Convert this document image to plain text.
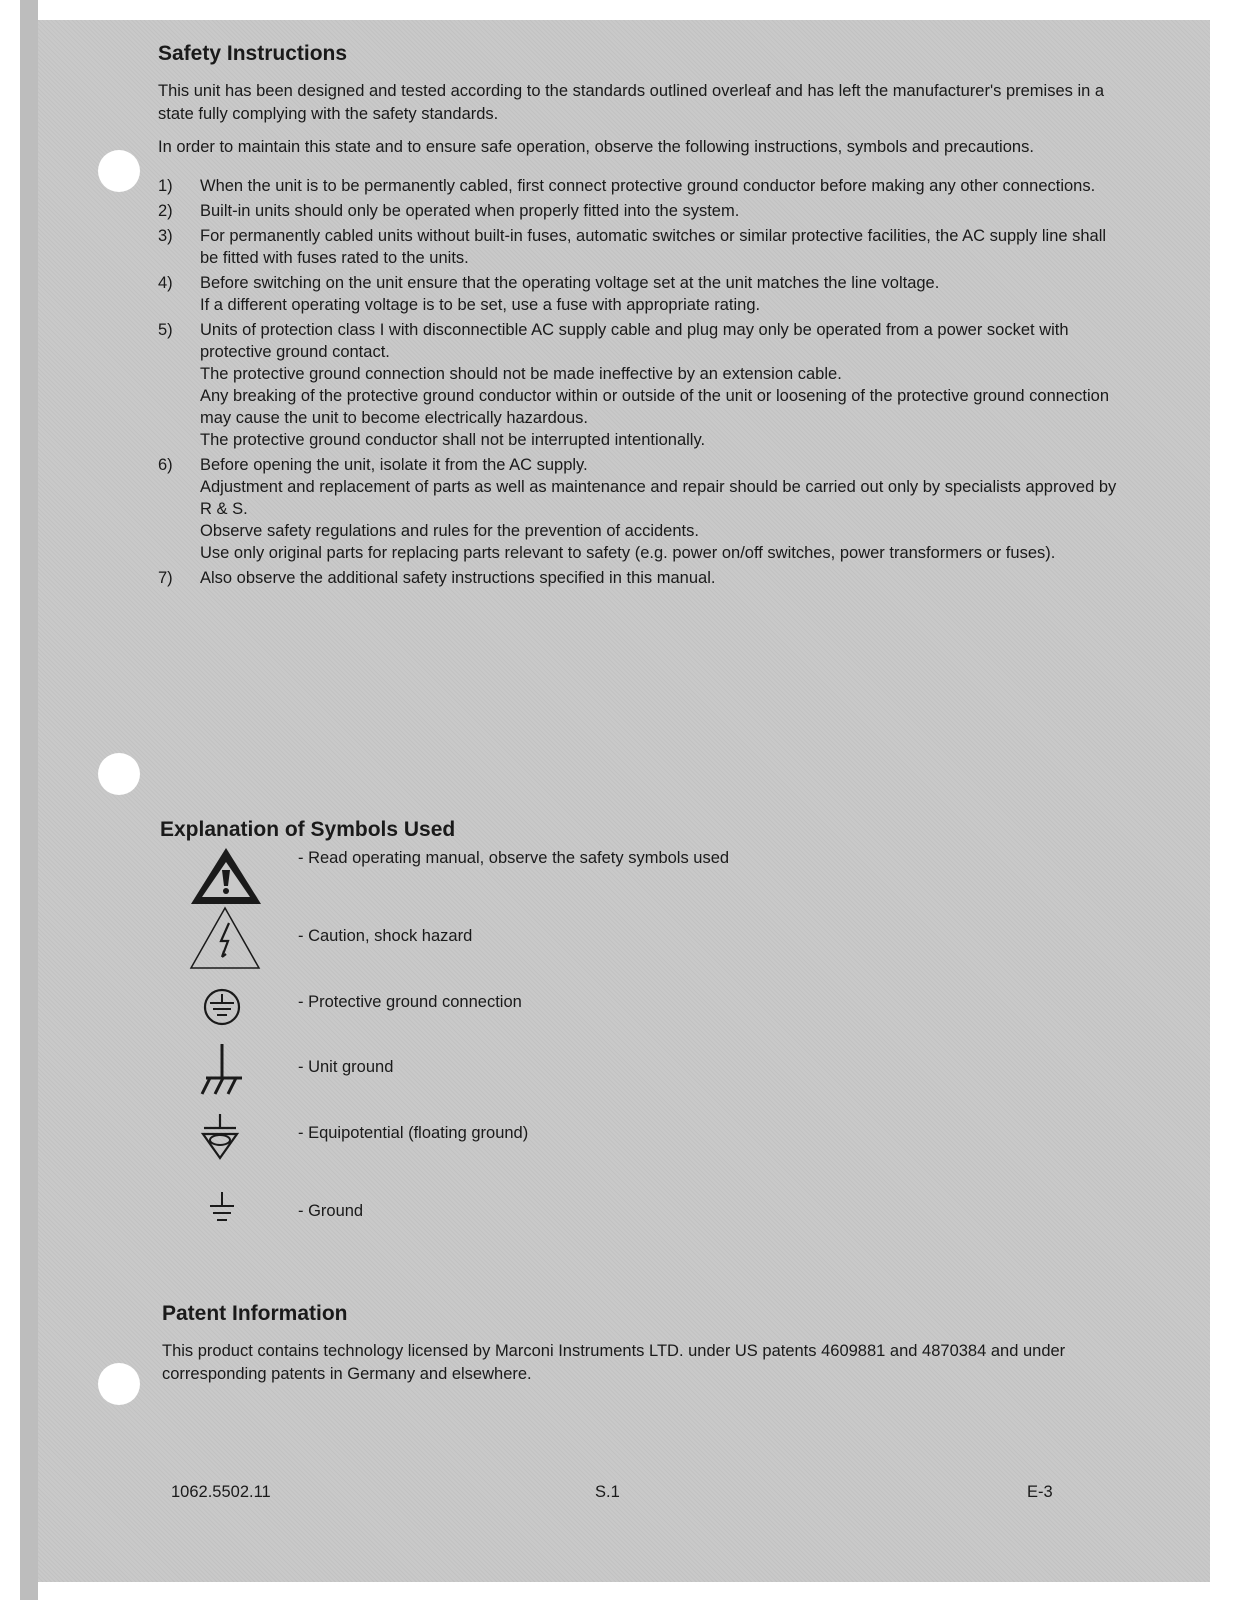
Safety Instructions

This unit has been designed and tested according to the standards outlined overleaf and has left the manufacturer's premises in a state fully complying with the safety standards.

In order to maintain this state and to ensure safe operation, observe the following instructions, symbols and precautions.

1) When the unit is to be permanently cabled, first connect protective ground conductor before making any other connections.
2) Built-in units should only be operated when properly fitted into the system.
3) For permanently cabled units without built-in fuses, automatic switches or similar protective facilities, the AC supply line shall be fitted with fuses rated to the units.
4) Before switching on the unit ensure that the operating voltage set at the unit matches the line voltage.
If a different operating voltage is to be set, use a fuse with appropriate rating.
5) Units of protection class I with disconnectible AC supply cable and plug may only be operated from a power socket with protective ground contact.
The protective ground connection should not be made ineffective by an extension cable.
Any breaking of the protective ground conductor within or outside of the unit or loosening of the protective ground connection may cause the unit to become electrically hazardous.
The protective ground conductor shall not be interrupted intentionally.
6) Before opening the unit, isolate it from the AC supply.
Adjustment and replacement of parts as well as maintenance and repair should be carried out only by specialists approved by R & S.
Observe safety regulations and rules for the prevention of accidents.
Use only original parts for replacing parts relevant to safety (e.g. power on/off switches, power transformers or fuses).
7) Also observe the additional safety instructions specified in this manual.
Explanation of Symbols Used
- Read operating manual, observe the safety symbols used
- Caution, shock hazard
- Protective ground connection
- Unit ground
- Equipotential (floating ground)
- Ground
Patent Information

This product contains technology licensed by Marconi Instruments LTD. under US patents 4609881 and 4870384 and under corresponding patents in Germany and elsewhere.

1062.5502.11	S.1	E-3
